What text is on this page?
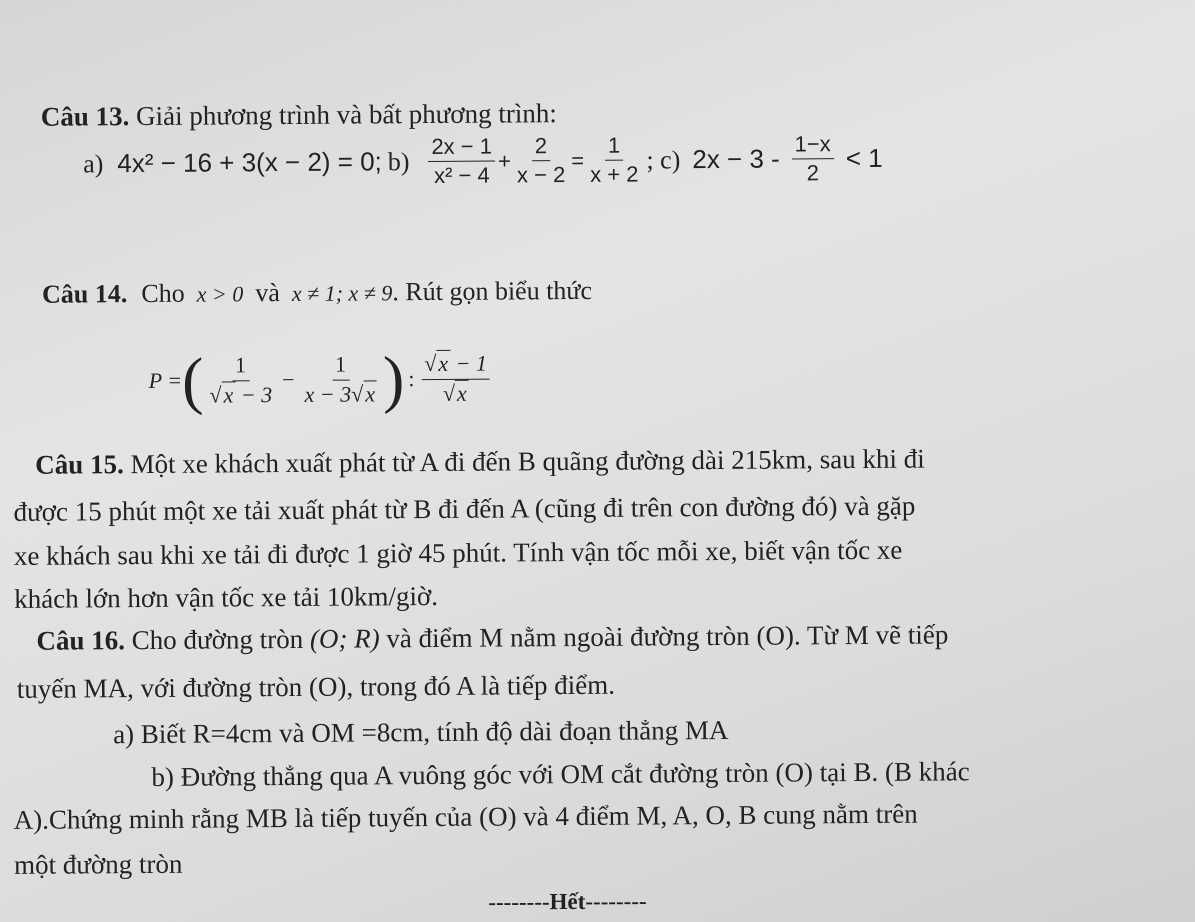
Câu 13. Giải phương trình và bất phương trình:
a) 4x² − 16 + 3(x − 2) = 0; $b) \frac{2x - 1}{\text{x² − 4}} + \frac{2}{x - 2} = \frac{1}{x + 2}$ ; c) $2x - 3 - \frac{1-x}{2} < 1$
Câu 14. Cho x > 0 và x ≠ 1; x ≠ 9 . Rút gọn biểu thức
P = ( $\frac{1}{√x - 3} - \frac{1}{x - 3√x}$ ) : $\frac{√x - 1}{√x}$
Câu 15. Một xe khách xuất phát từ A đi đến B quãng đường dài 215km, sau khi đi
được 15 phút một xe tải xuất phát từ B đi đến A (cũng đi trên con đường đó) và gặp
xe khách sau khi xe tải đi được 1 giờ 45 phút. Tính vận tốc mỗi xe, biết vận tốc xe
khách lớn hơn vận tốc xe tải 10km/giờ.
Câu 16. Cho đường tròn (O; R) và điểm M nằm ngoài đường tròn (O). Từ M vẽ tiếp
tuyến MA, với đường tròn (O), trong đó A là tiếp điểm.
a) Biết R=4cm và OM =8cm, tính độ dài đoạn thẳng MA
b) Đường thẳng qua A vuông góc với OM cắt đường tròn (O) tại B. (B khác
A).Chứng minh rằng MB là tiếp tuyến của (O) và 4 điểm M, A, O, B cung nằm trên
một đường tròn
--------Hết--------
